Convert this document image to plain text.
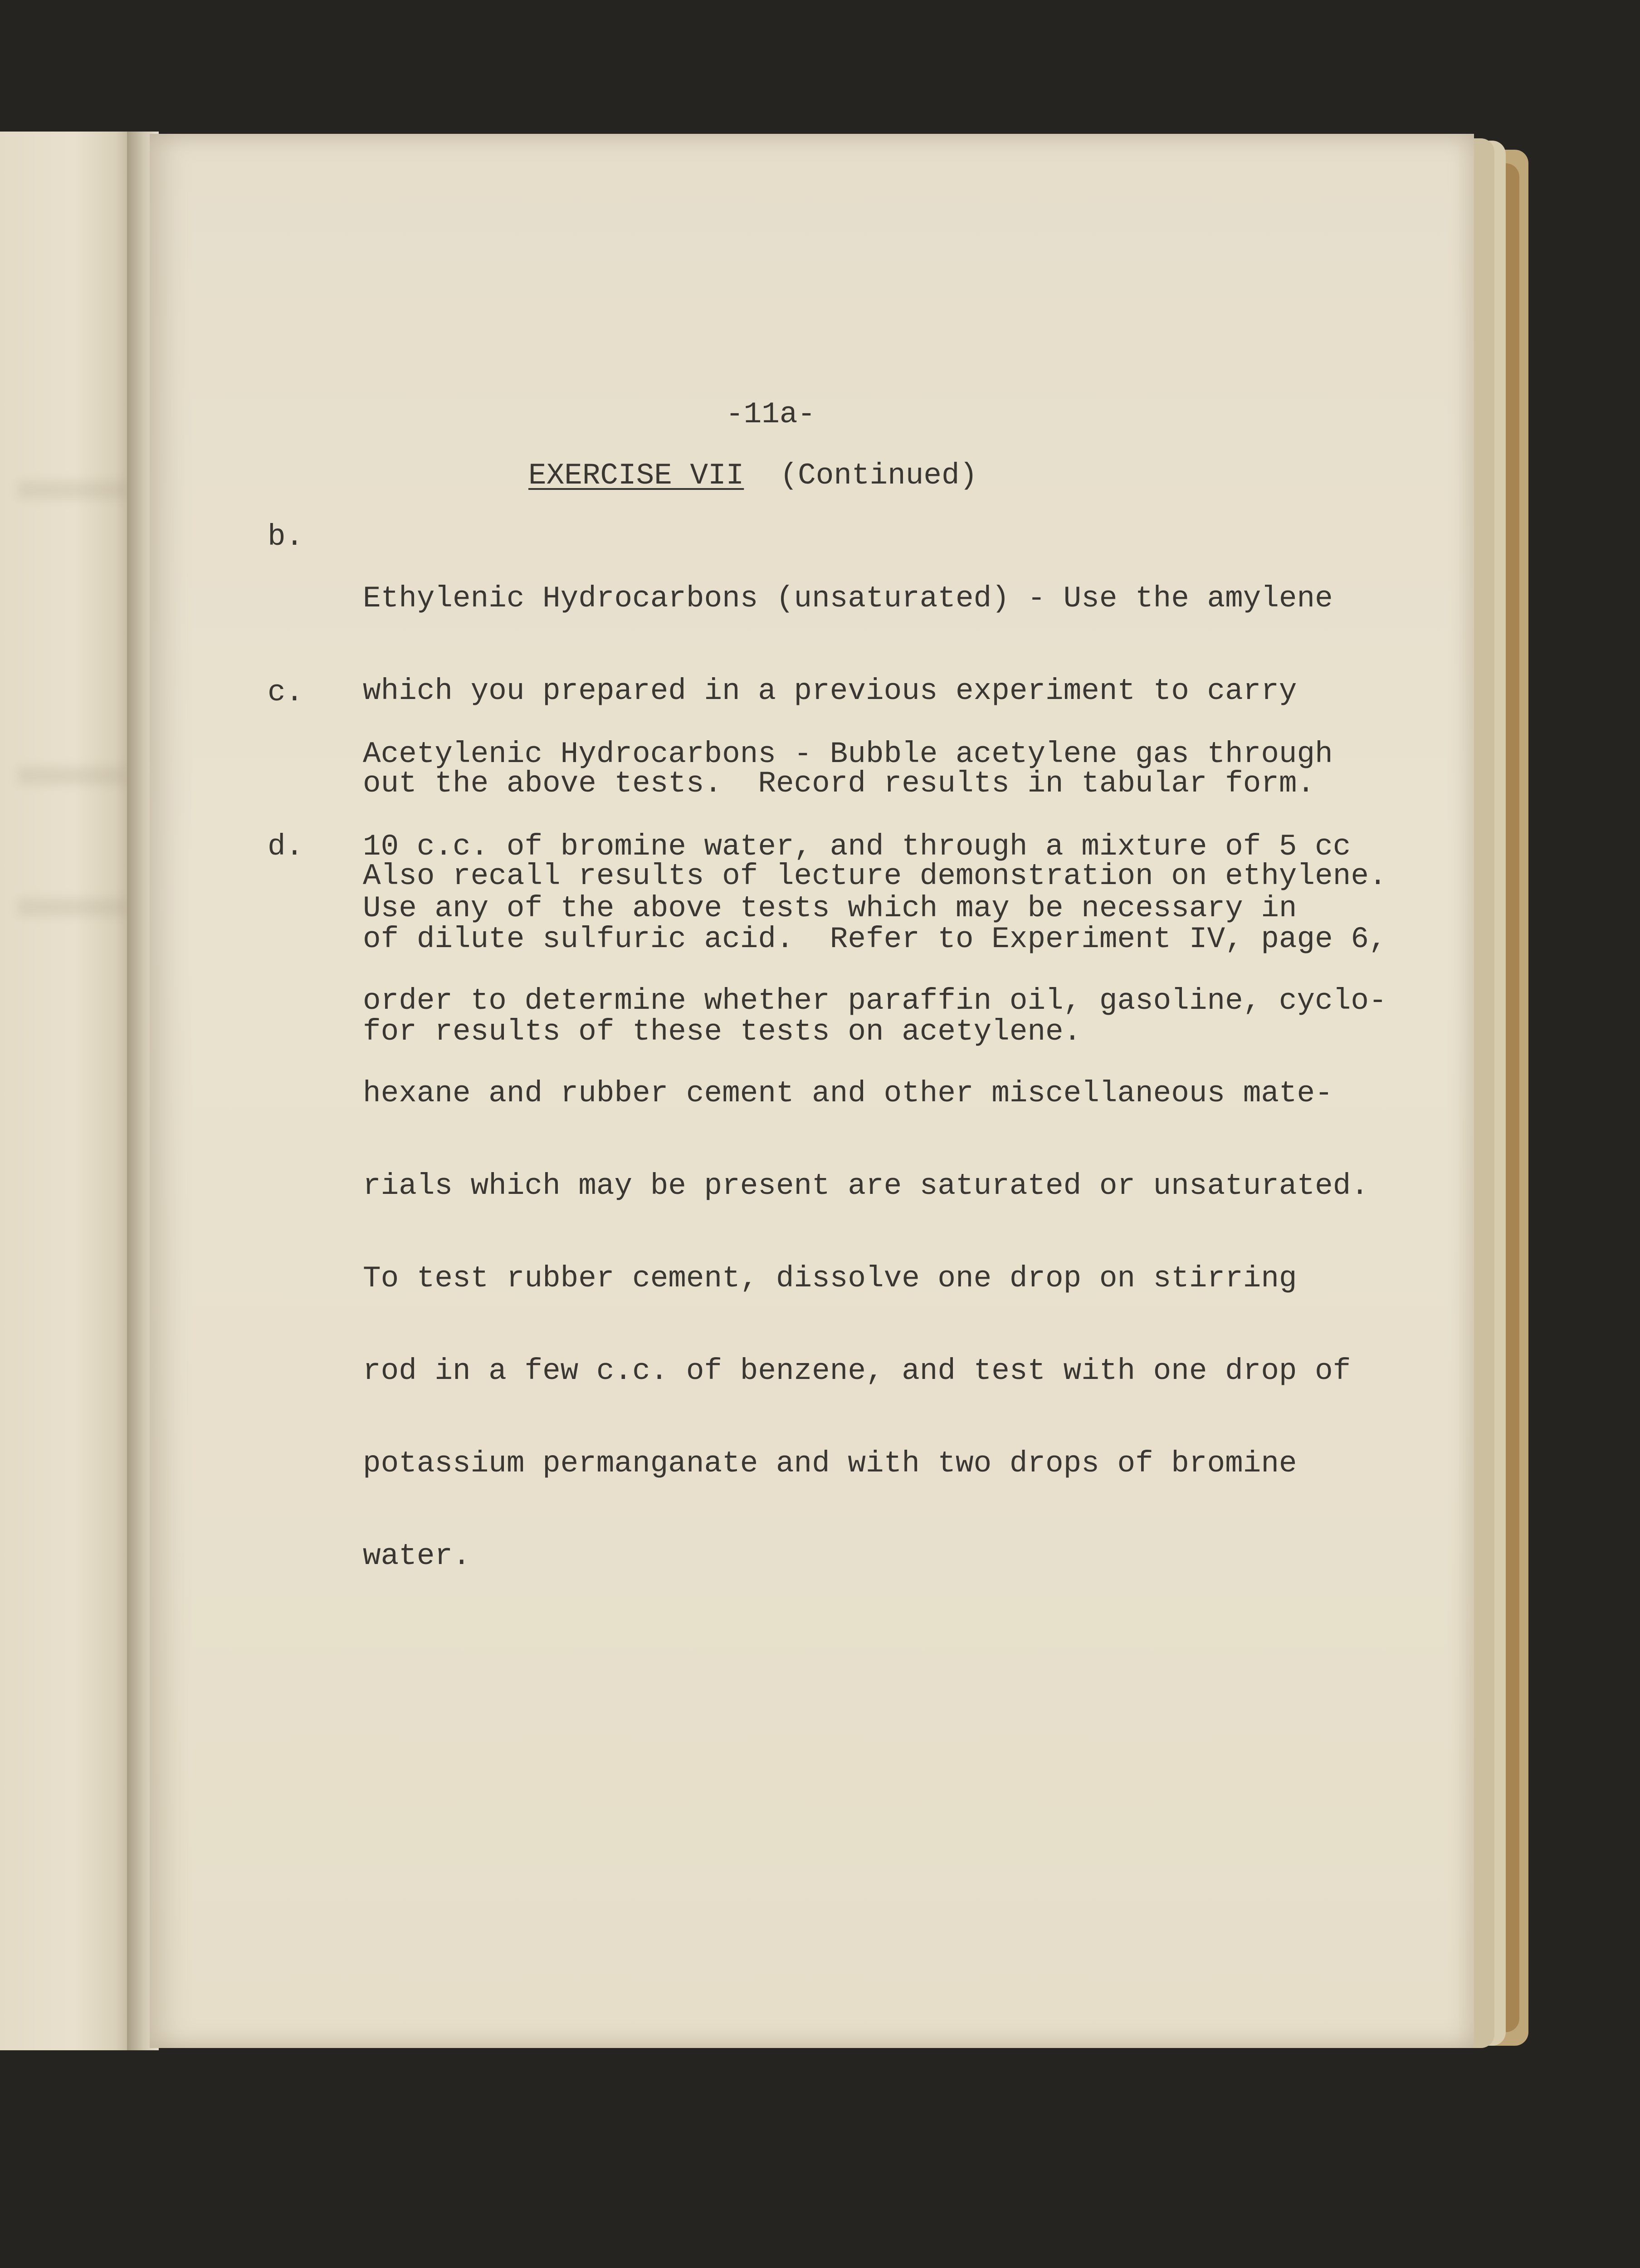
-11a-
EXERCISE VII (Continued)
b.

Ethylenic Hydrocarbons (unsaturated) - Use the amylene

which you prepared in a previous experiment to carry

out the above tests.  Record results in tabular form.

Also recall results of lecture demonstration on ethylene.

c.

Acetylenic Hydrocarbons - Bubble acetylene gas through

10 c.c. of bromine water, and through a mixture of 5 cc

of dilute sulfuric acid.  Refer to Experiment IV, page 6,

for results of these tests on acetylene.

d.

Use any of the above tests which may be necessary in

order to determine whether paraffin oil, gasoline, cyclo-

hexane and rubber cement and other miscellaneous mate-

rials which may be present are saturated or unsaturated.

To test rubber cement, dissolve one drop on stirring

rod in a few c.c. of benzene, and test with one drop of

potassium permanganate and with two drops of bromine

water.
